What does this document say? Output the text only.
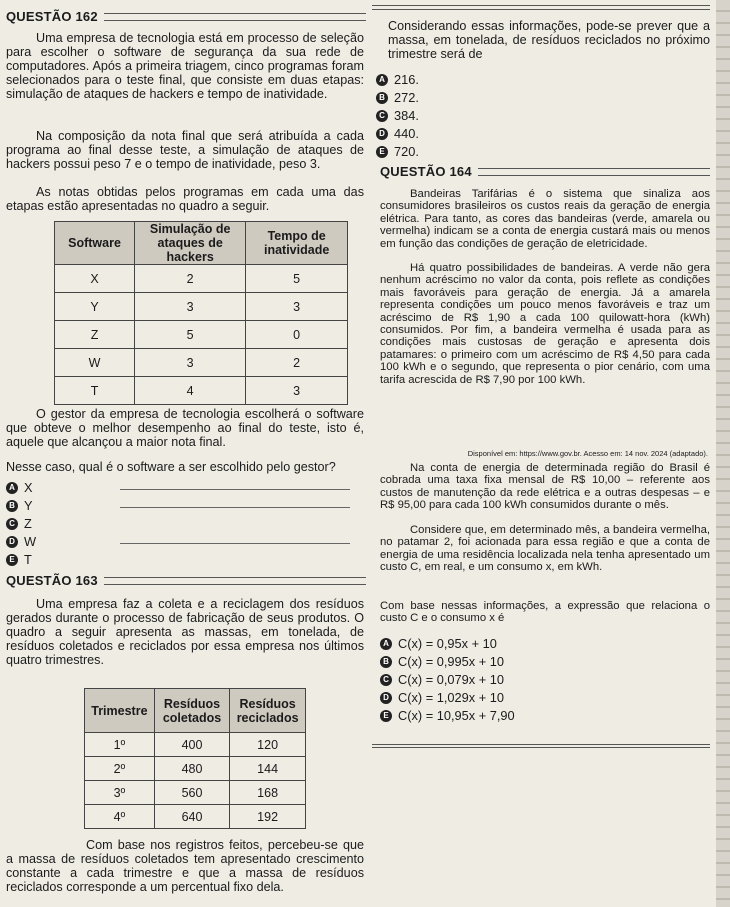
QUESTÃO 162
Uma empresa de tecnologia está em processo de seleção para escolher o software de segurança da sua rede de computadores. Após a primeira triagem, cinco programas foram selecionados para o teste final, que consiste em duas etapas: simulação de ataques de hackers e tempo de inatividade.
Na composição da nota final que será atribuída a cada programa ao final desse teste, a simulação de ataques de hackers possui peso 7 e o tempo de inatividade, peso 3.
As notas obtidas pelos programas em cada uma das etapas estão apresentadas no quadro a seguir.
Software	Simulação de ataques de hackers	Tempo de inatividade
X	2	5
Y	3	3
Z	5	0
W	3	2
T	4	3
O gestor da empresa de tecnologia escolherá o software que obteve o melhor desempenho ao final do teste, isto é, aquele que alcançou a maior nota final.
Nesse caso, qual é o software a ser escolhido pelo gestor?
A X
B Y
C Z
D W
E T
QUESTÃO 163
Uma empresa faz a coleta e a reciclagem dos resíduos gerados durante o processo de fabricação de seus produtos. O quadro a seguir apresenta as massas, em tonelada, de resíduos coletados e reciclados por essa empresa nos últimos quatro trimestres.
Trimestre	Resíduos coletados	Resíduos reciclados
1º	400	120
2º	480	144
3º	560	168
4º	640	192
Com base nos registros feitos, percebeu-se que a massa de resíduos coletados tem apresentado crescimento constante a cada trimestre e que a massa de resíduos reciclados corresponde a um percentual fixo dela.
Considerando essas informações, pode-se prever que a massa, em tonelada, de resíduos reciclados no próximo trimestre será de
A 216.
B 272.
C 384.
D 440.
E 720.
QUESTÃO 164
Bandeiras Tarifárias é o sistema que sinaliza aos consumidores brasileiros os custos reais da geração de energia elétrica. Para tanto, as cores das bandeiras (verde, amarela ou vermelha) indicam se a conta de energia custará mais ou menos em função das condições de geração de eletricidade.
Há quatro possibilidades de bandeiras. A verde não gera nenhum acréscimo no valor da conta, pois reflete as condições mais favoráveis para geração de energia. Já a amarela representa condições um pouco menos favoráveis e traz um acréscimo de R$ 1,90 a cada 100 quilowatt-hora (kWh) consumidos. Por fim, a bandeira vermelha é usada para as condições mais custosas de geração e apresenta dois patamares: o primeiro com um acréscimo de R$ 4,50 para cada 100 kWh e o segundo, que representa o pior cenário, com uma tarifa acrescida de R$ 7,90 por 100 kWh.
Disponível em: https://www.gov.br. Acesso em: 14 nov. 2024 (adaptado).
Na conta de energia de determinada região do Brasil é cobrada uma taxa fixa mensal de R$ 10,00 – referente aos custos de manutenção da rede elétrica e a outras despesas – e R$ 95,00 para cada 100 kWh consumidos durante o mês.
Considere que, em determinado mês, a bandeira vermelha, no patamar 2, foi acionada para essa região e que a conta de energia de uma residência localizada nela tenha apresentado um custo C, em real, e um consumo x, em kWh.
Com base nessas informações, a expressão que relaciona o custo C e o consumo x é
A C(x) = 0,95x + 10
B C(x) = 0,995x + 10
C C(x) = 0,079x + 10
D C(x) = 1,029x + 10
E C(x) = 10,95x + 7,90
